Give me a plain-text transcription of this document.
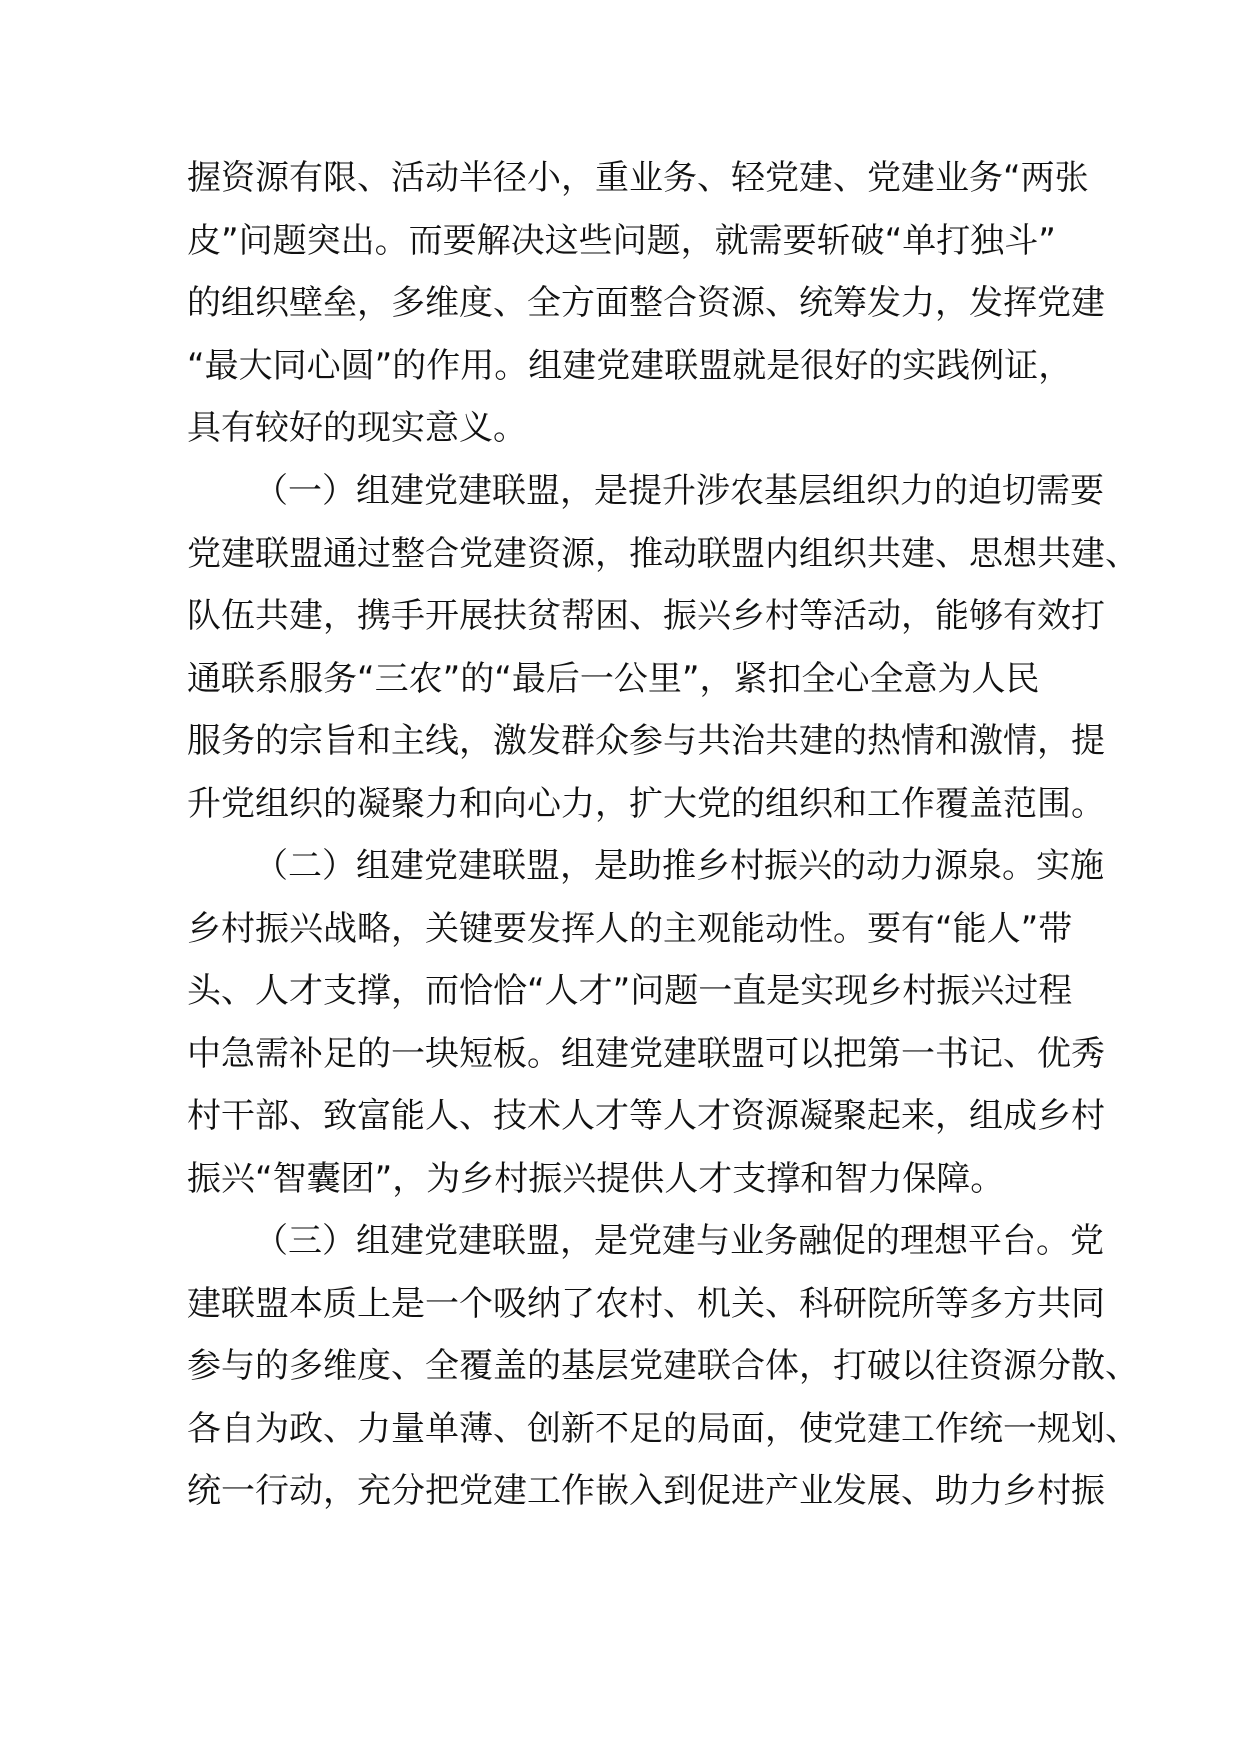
握资源有限、活动半径小，重业务、轻党建、党建业务“两张
皮”问题突出。而要解决这些问题，就需要斩破“单打独斗”
的组织壁垒，多维度、全方面整合资源、统筹发力，发挥党建
“最大同心圆”的作用。组建党建联盟就是很好的实践例证，
具有较好的现实意义。
（一）组建党建联盟，是提升涉农基层组织力的迫切需要
党建联盟通过整合党建资源，推动联盟内组织共建、思想共建、
队伍共建，携手开展扶贫帮困、振兴乡村等活动，能够有效打
通联系服务“三农”的“最后一公里”，紧扣全心全意为人民
服务的宗旨和主线，激发群众参与共治共建的热情和激情，提
升党组织的凝聚力和向心力，扩大党的组织和工作覆盖范围。
（二）组建党建联盟，是助推乡村振兴的动力源泉。实施
乡村振兴战略，关键要发挥人的主观能动性。要有“能人”带
头、人才支撑，而恰恰“人才”问题一直是实现乡村振兴过程
中急需补足的一块短板。组建党建联盟可以把第一书记、优秀
村干部、致富能人、技术人才等人才资源凝聚起来，组成乡村
振兴“智囊团”，为乡村振兴提供人才支撑和智力保障。
（三）组建党建联盟，是党建与业务融促的理想平台。党
建联盟本质上是一个吸纳了农村、机关、科研院所等多方共同
参与的多维度、全覆盖的基层党建联合体，打破以往资源分散、
各自为政、力量单薄、创新不足的局面，使党建工作统一规划、
统一行动，充分把党建工作嵌入到促进产业发展、助力乡村振
